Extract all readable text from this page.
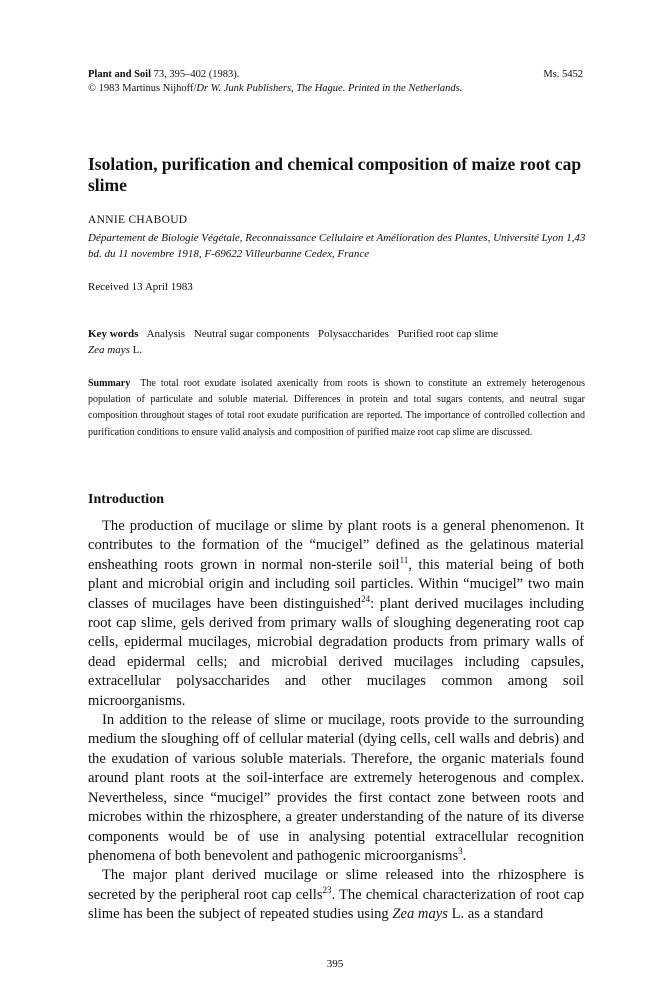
Plant and Soil 73, 395–402 (1983).	Ms. 5452
© 1983 Martinus Nijhoff/Dr W. Junk Publishers, The Hague. Printed in the Netherlands.
Isolation, purification and chemical composition of maize root cap slime
ANNIE CHABOUD
Département de Biologie Végétale, Reconnaissance Cellulaire et Amélioration des Plantes, Université Lyon 1,43 bd. du 11 novembre 1918, F-69622 Villeurbanne Cedex, France
Received 13 April 1983
Key words Analysis Neutral sugar components Polysaccharides Purified root cap slime
Zea mays L.
Summary The total root exudate isolated axenically from roots is shown to constitute an extremely heterogenous population of particulate and soluble material. Differences in protein and total sugars contents, and neutral sugar composition throughout stages of total root exudate purification are reported. The importance of controlled collection and purification conditions to ensure valid analysis and composition of purified maize root cap slime are discussed.
Introduction

The production of mucilage or slime by plant roots is a general phenomenon. It contributes to the formation of the “mucigel” defined as the gelatinous material ensheathing roots grown in normal non-sterile soil$^{11}$, this material being of both plant and microbial origin and including soil particles. Within “mucigel” two main classes of mucilages have been distinguished$^{24}$: plant derived mucilages including root cap slime, gels derived from primary walls of sloughing degenerating root cap cells, epidermal mucilages, microbial degradation products from primary walls of dead epidermal cells; and microbial derived mucilages including capsules, extracellular polysaccharides and other mucilages common among soil microorganisms.

In addition to the release of slime or mucilage, roots provide to the surrounding medium the sloughing off of cellular material (dying cells, cell walls and debris) and the exudation of various soluble materials. Therefore, the organic materials found around plant roots at the soil-interface are extremely heterogenous and complex. Nevertheless, since “mucigel” provides the first contact zone between roots and microbes within the rhizosphere, a greater understanding of the nature of its diverse components would be of use in analysing potential extracellular recognition phenomena of both benevolent and pathogenic microorganisms$^3$.

The major plant derived mucilage or slime released into the rhizosphere is secreted by the peripheral root cap cells$^{23}$. The chemical characterization of root cap slime has been the subject of repeated studies using Zea mays L. as a standard

395
